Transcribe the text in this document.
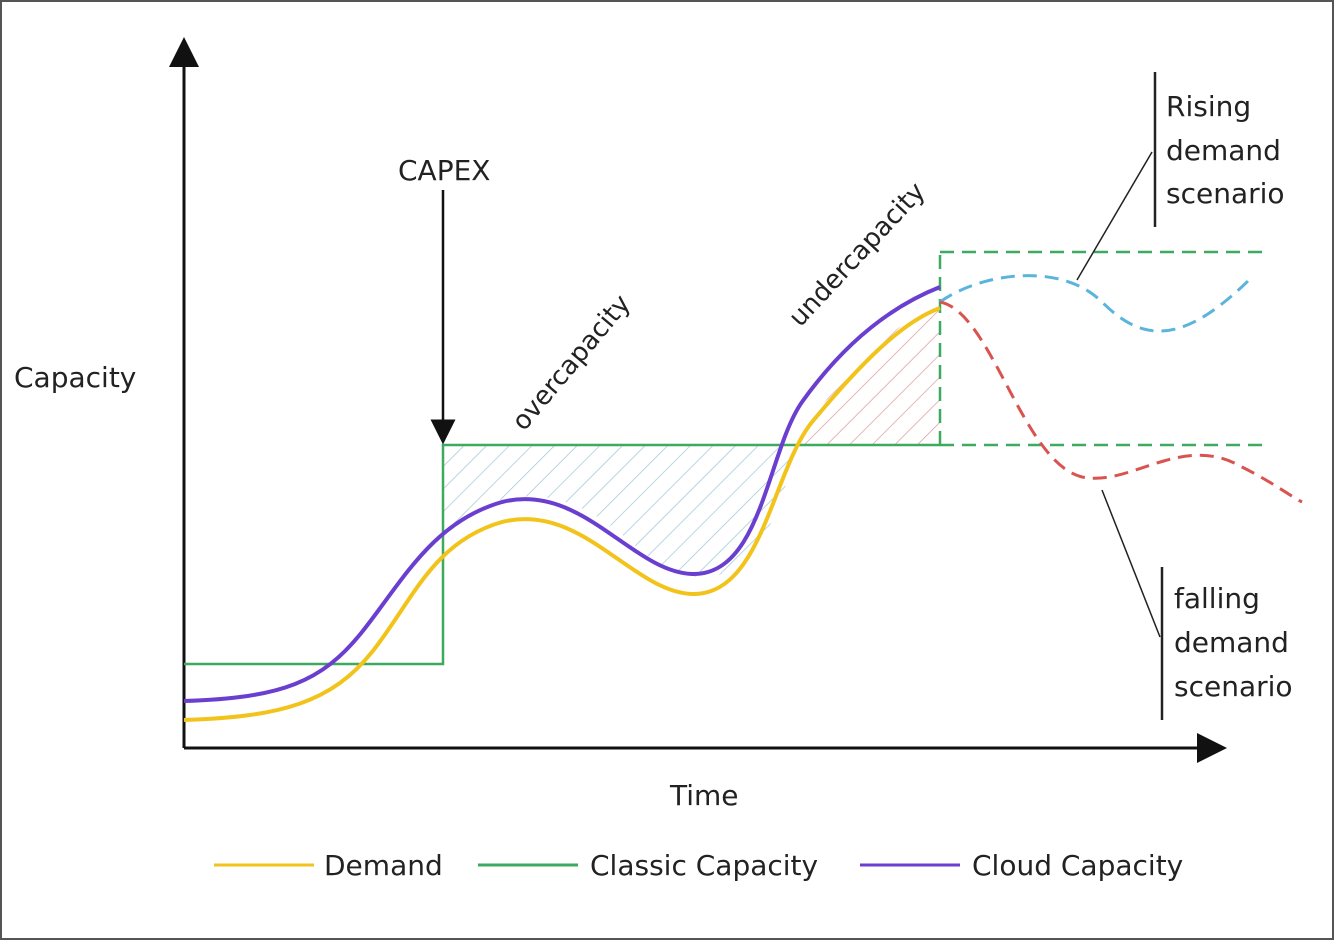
Capacity
Time
CAPEX
overcapacity
undercapacity
Rising
demand
scenario
falling
demand
scenario
Demand	Classic Capacity	Cloud Capacity
